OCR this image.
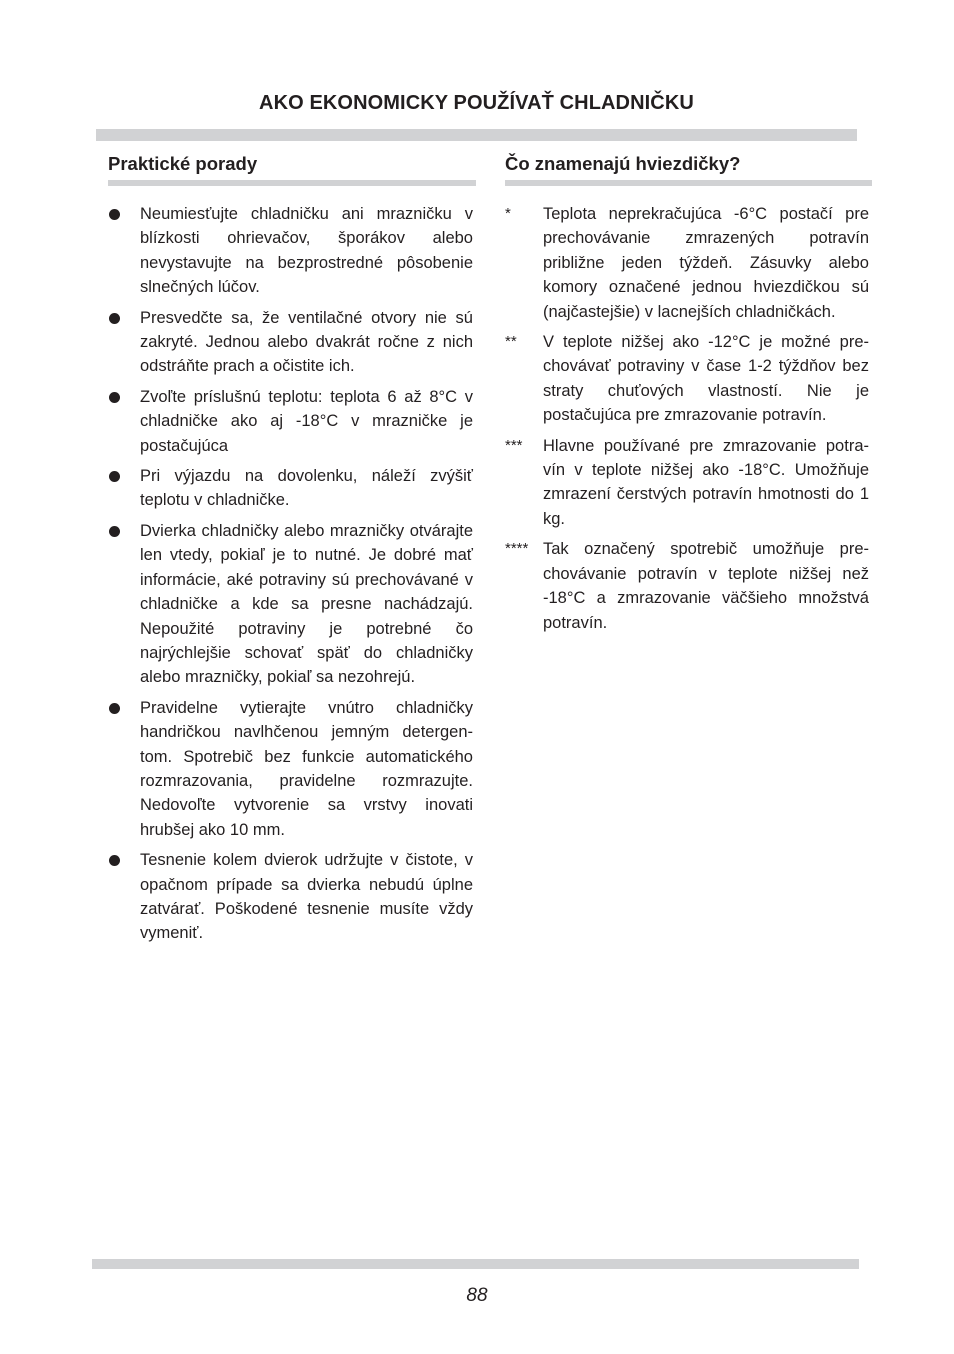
AKO EKONOMICKY POUŽÍVAŤ CHLADNIČKU
Praktické porady
Neumiesťujte chladničku ani mrazničku v blízkosti ohrievačov, šporákov alebo nevystavujte na bezprostredné pôsobenie slnečných lúčov.
Presvedčte sa, že ventilačné otvory nie sú zakryté. Jednou alebo dvakrát ročne z nich odstráňte prach a očistite ich.
Zvoľte príslušnú teplotu: teplota 6 až 8°C v chladničke ako aj -18°C v mrazničke je postačujúca
Pri výjazdu na dovolenku, náleží zvýšiť teplotu v chladničke.
Dvierka chladničky alebo mrazničky otvárajte len vtedy, pokiaľ je to nutné. Je dobré mať informácie, aké potraviny sú prechovávané v chladničke a kde sa presne nachádzajú. Nepoužité potraviny je potrebné čo najrýchlejšie schovať späť do chladničky alebo mrazničky, pokiaľ sa nezohrejú.
Pravidelne vytierajte vnútro chladničky handričkou navlhčenou jemným detergen-tom. Spotrebič bez funkcie automatického rozmrazovania, pravidelne rozmrazujte. Nedovoľte vytvorenie sa vrstvy inovati hrubšej ako 10 mm.
Tesnenie kolem dvierok udržujte v čistote, v opačnom prípade sa dvierka nebudú úplne zatvárať. Poškodené tesnenie musíte vždy vymeniť.
Čo znamenajú hviezdičky?
* Teplota neprekračujúca -6°C postačí pre prechovávanie zmrazených potravín približne jeden týždeň. Zásuvky alebo komory označené jednou hviezdičkou sú (najčastejšie) v lacnejších chladničkách.
** V teplote nižšej ako -12°C je možné pre-chovávať potraviny v čase 1-2 týždňov bez straty chuťových vlastností. Nie je postačujúca pre zmrazovanie potravín.
*** Hlavne používané pre zmrazovanie potra-vín v teplote nižšej ako -18°C. Umožňuje zmrazení čerstvých potravín hmotnosti do 1 kg.
**** Tak označený spotrebič umožňuje pre-chovávanie potravín v teplote nižšej než -18°C a zmrazovanie väčšieho množstvá potravín.
88
